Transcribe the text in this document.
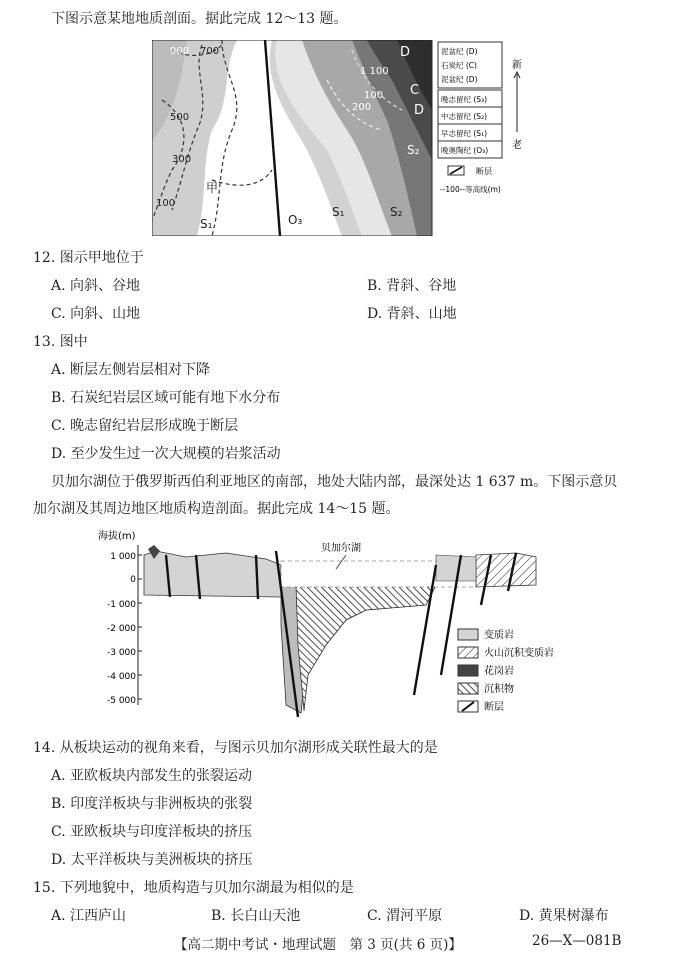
下图示意某地地质剖面。据此完成 12～13 题。
900 700
500
300
100
1 100
200
100
D
C
D
S₂
S₁	O₃
S₁	S₂
甲
泥盆纪 (D)
石炭纪 (C)
泥盆纪 (D)
晚志留纪 (S₃)
中志留纪 (S₂)
早志留纪 (S₁)
晚奥陶纪 (O₃)
断层
--100--等高线(m)
新
老
12. 图示甲地位于
A. 向斜、谷地	B. 背斜、谷地
C. 向斜、山地	D. 背斜、山地
13. 图中
A. 断层左侧岩层相对下降
B. 石炭纪岩层区域可能有地下水分布
C. 晚志留纪岩层形成晚于断层
D. 至少发生过一次大规模的岩浆活动
贝加尔湖位于俄罗斯西伯利亚地区的南部，地处大陆内部，最深处达 1 637 m。下图示意贝
加尔湖及其周边地区地质构造剖面。据此完成 14～15 题。
海拔(m)
1 000
0
-1 000
-2 000
-3 000
-4 000
-5 000
贝加尔湖
变质岩
火山沉积变质岩
花岗岩
沉积物
断层
14. 从板块运动的视角来看，与图示贝加尔湖形成关联性最大的是
A. 亚欧板块内部发生的张裂运动
B. 印度洋板块与非洲板块的张裂
C. 亚欧板块与印度洋板块的挤压
D. 太平洋板块与美洲板块的挤压
15. 下列地貌中，地质构造与贝加尔湖最为相似的是
A. 江西庐山	B. 长白山天池	C. 渭河平原	D. 黄果树瀑布
【高二期中考试・地理试题　第 3 页(共 6 页)】	26—X—081B
